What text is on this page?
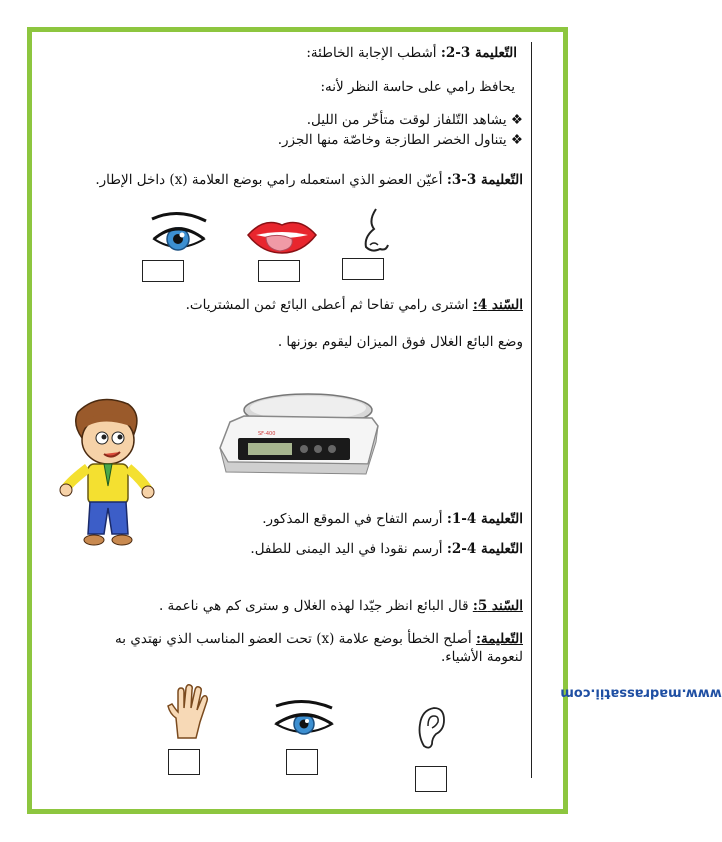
التّعليمة 3-2: أشطب الإجابة الخاطئة:
يحافظ رامي على حاسة النظر لأنه:
❖ يشاهد التّلفاز لوقت متأخّر من الليل.
❖ يتناول الخضر الطازجة وخاصّة منها الجزر.
التّعليمة 3-3: أعيّن العضو الذي استعمله رامي بوضع العلامة (x) داخل الإطار.
السّند 4: اشترى رامي تفاحا ثم أعطى البائع ثمن المشتريات.
وضع البائع الغلال فوق الميزان ليقوم بوزنها .
SF-400
التّعليمة 4-1: أرسم التفاح في الموقع المذكور.
التّعليمة 4-2: أرسم نقودا في اليد اليمنى للطفل.
السّند 5: قال البائع انظر جيّدا لهذه الغلال و سترى كم هي ناعمة .
التّعليمة: أصلح الخطأ بوضع علامة (x) تحت العضو المناسب الذي نهتدي به
لنعومة الأشياء.
www.madrassatii.com
